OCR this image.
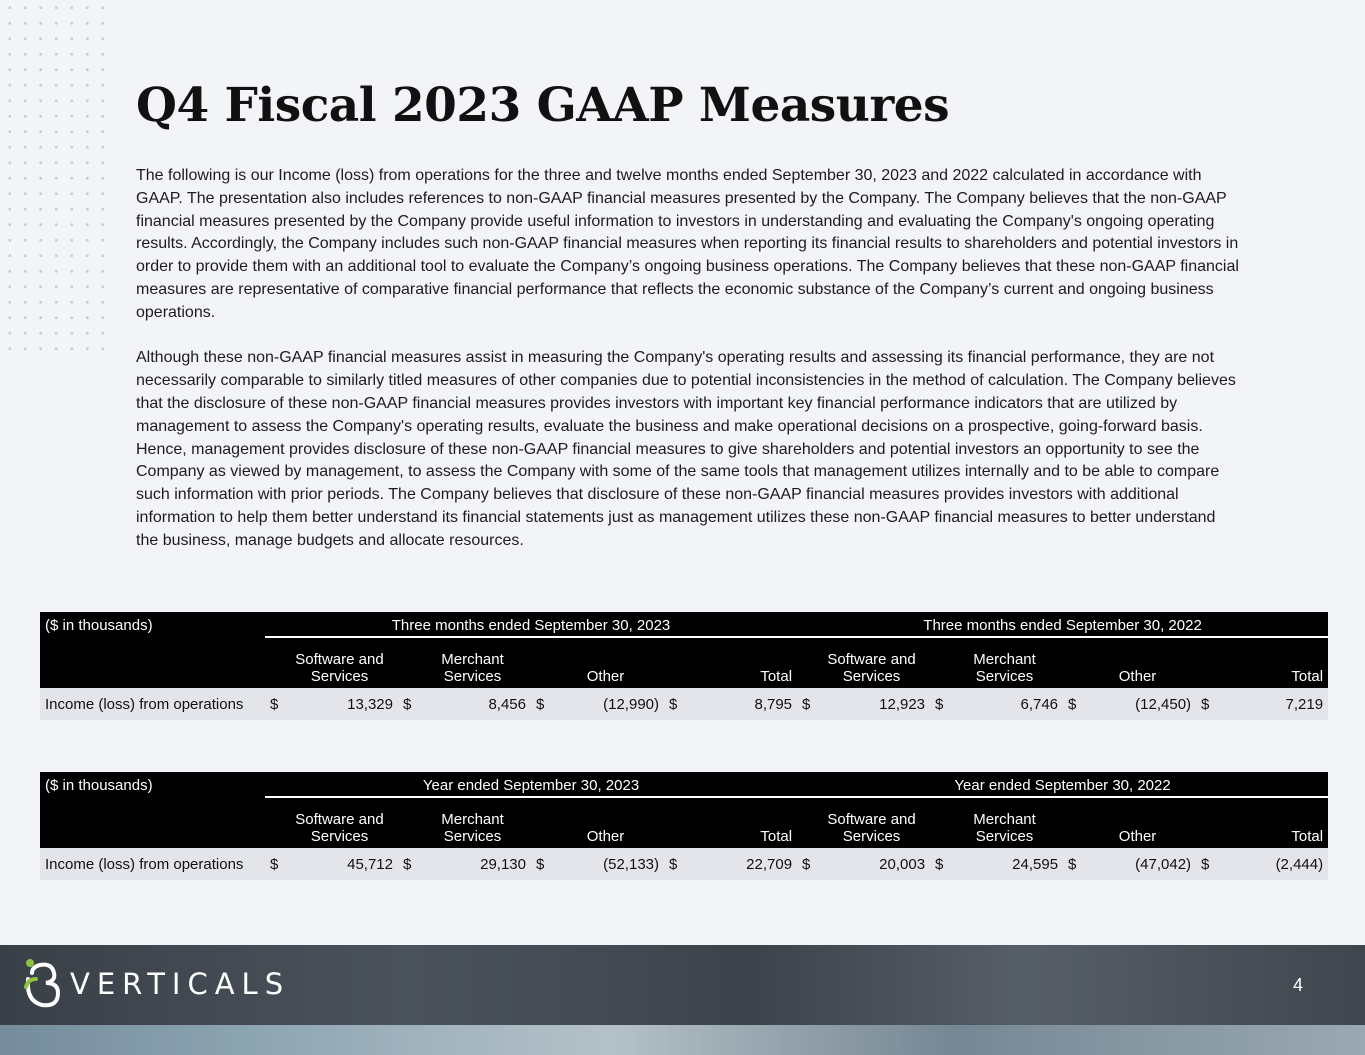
Q4 Fiscal 2023 GAAP Measures

The following is our Income (loss) from operations for the three and twelve months ended September 30, 2023 and 2022 calculated in accordance with GAAP. The presentation also includes references to non-GAAP financial measures presented by the Company. The Company believes that the non-GAAP financial measures presented by the Company provide useful information to investors in understanding and evaluating the Company's ongoing operating results. Accordingly, the Company includes such non-GAAP financial measures when reporting its financial results to shareholders and potential investors in order to provide them with an additional tool to evaluate the Company’s ongoing business operations. The Company believes that these non-GAAP financial measures are representative of comparative financial performance that reflects the economic substance of the Company’s current and ongoing business operations.

Although these non-GAAP financial measures assist in measuring the Company's operating results and assessing its financial performance, they are not necessarily comparable to similarly titled measures of other companies due to potential inconsistencies in the method of calculation. The Company believes that the disclosure of these non-GAAP financial measures provides investors with important key financial performance indicators that are utilized by management to assess the Company's operating results, evaluate the business and make operational decisions on a prospective, going-forward basis. Hence, management provides disclosure of these non-GAAP financial measures to give shareholders and potential investors an opportunity to see the Company as viewed by management, to assess the Company with some of the same tools that management utilizes internally and to be able to compare such information with prior periods. The Company believes that disclosure of these non-GAAP financial measures provides investors with additional information to help them better understand its financial statements just as management utilizes these non-GAAP financial measures to better understand the business, manage budgets and allocate resources.

($ in thousands)	Three months ended September 30, 2023								Three months ended September 30, 2022							
		Software and Services		Merchant Services		Other		Total		Software and Services		Merchant Services		Other		Total
Income (loss) from operations	$	13,329	$	8,456	$	(12,990)	$	8,795	$	12,923	$	6,746	$	(12,450)	$	7,219
($ in thousands)	Year ended September 30, 2023								Year ended September 30, 2022							
		Software and Services		Merchant Services		Other		Total		Software and Services		Merchant Services		Other		Total
Income (loss) from operations	$	45,712	$	29,130	$	(52,133)	$	22,709	$	20,003	$	24,595	$	(47,042)	$	(2,444)
VERTICALS	4
